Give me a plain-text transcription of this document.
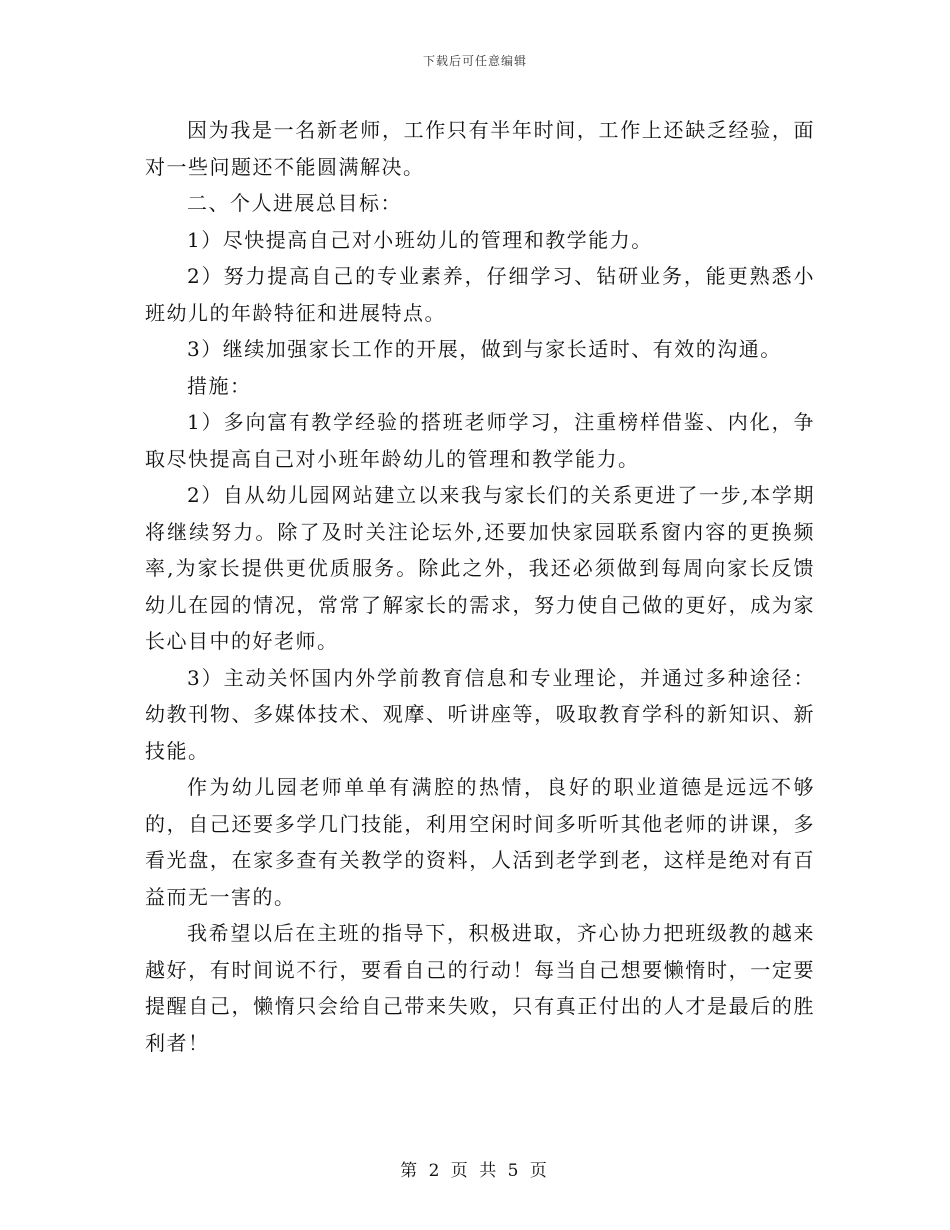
下载后可任意编辑

因为我是一名新老师，工作只有半年时间，工作上还缺乏经验，面对一些问题还不能圆满解决。

二、个人进展总目标：

1）尽快提高自己对小班幼儿的管理和教学能力。

2）努力提高自己的专业素养，仔细学习、钻研业务，能更熟悉小班幼儿的年龄特征和进展特点。

3）继续加强家长工作的开展，做到与家长适时、有效的沟通。

措施：

1）多向富有教学经验的搭班老师学习，注重榜样借鉴、内化，争取尽快提高自己对小班年龄幼儿的管理和教学能力。

2）自从幼儿园网站建立以来我与家长们的关系更进了一步,本学期将继续努力。除了及时关注论坛外,还要加快家园联系窗内容的更换频率,为家长提供更优质服务。除此之外，我还必须做到每周向家长反馈幼儿在园的情况，常常了解家长的需求，努力使自己做的更好，成为家长心目中的好老师。

3）主动关怀国内外学前教育信息和专业理论，并通过多种途径：幼教刊物、多媒体技术、观摩、听讲座等，吸取教育学科的新知识、新技能。

作为幼儿园老师单单有满腔的热情，良好的职业道德是远远不够的，自己还要多学几门技能，利用空闲时间多听听其他老师的讲课，多看光盘，在家多查有关教学的资料，人活到老学到老，这样是绝对有百益而无一害的。

我希望以后在主班的指导下，积极进取，齐心协力把班级教的越来越好，有时间说不行，要看自己的行动！每当自己想要懒惰时，一定要提醒自己，懒惰只会给自己带来失败，只有真正付出的人才是最后的胜利者！

第 2 页 共 5 页
